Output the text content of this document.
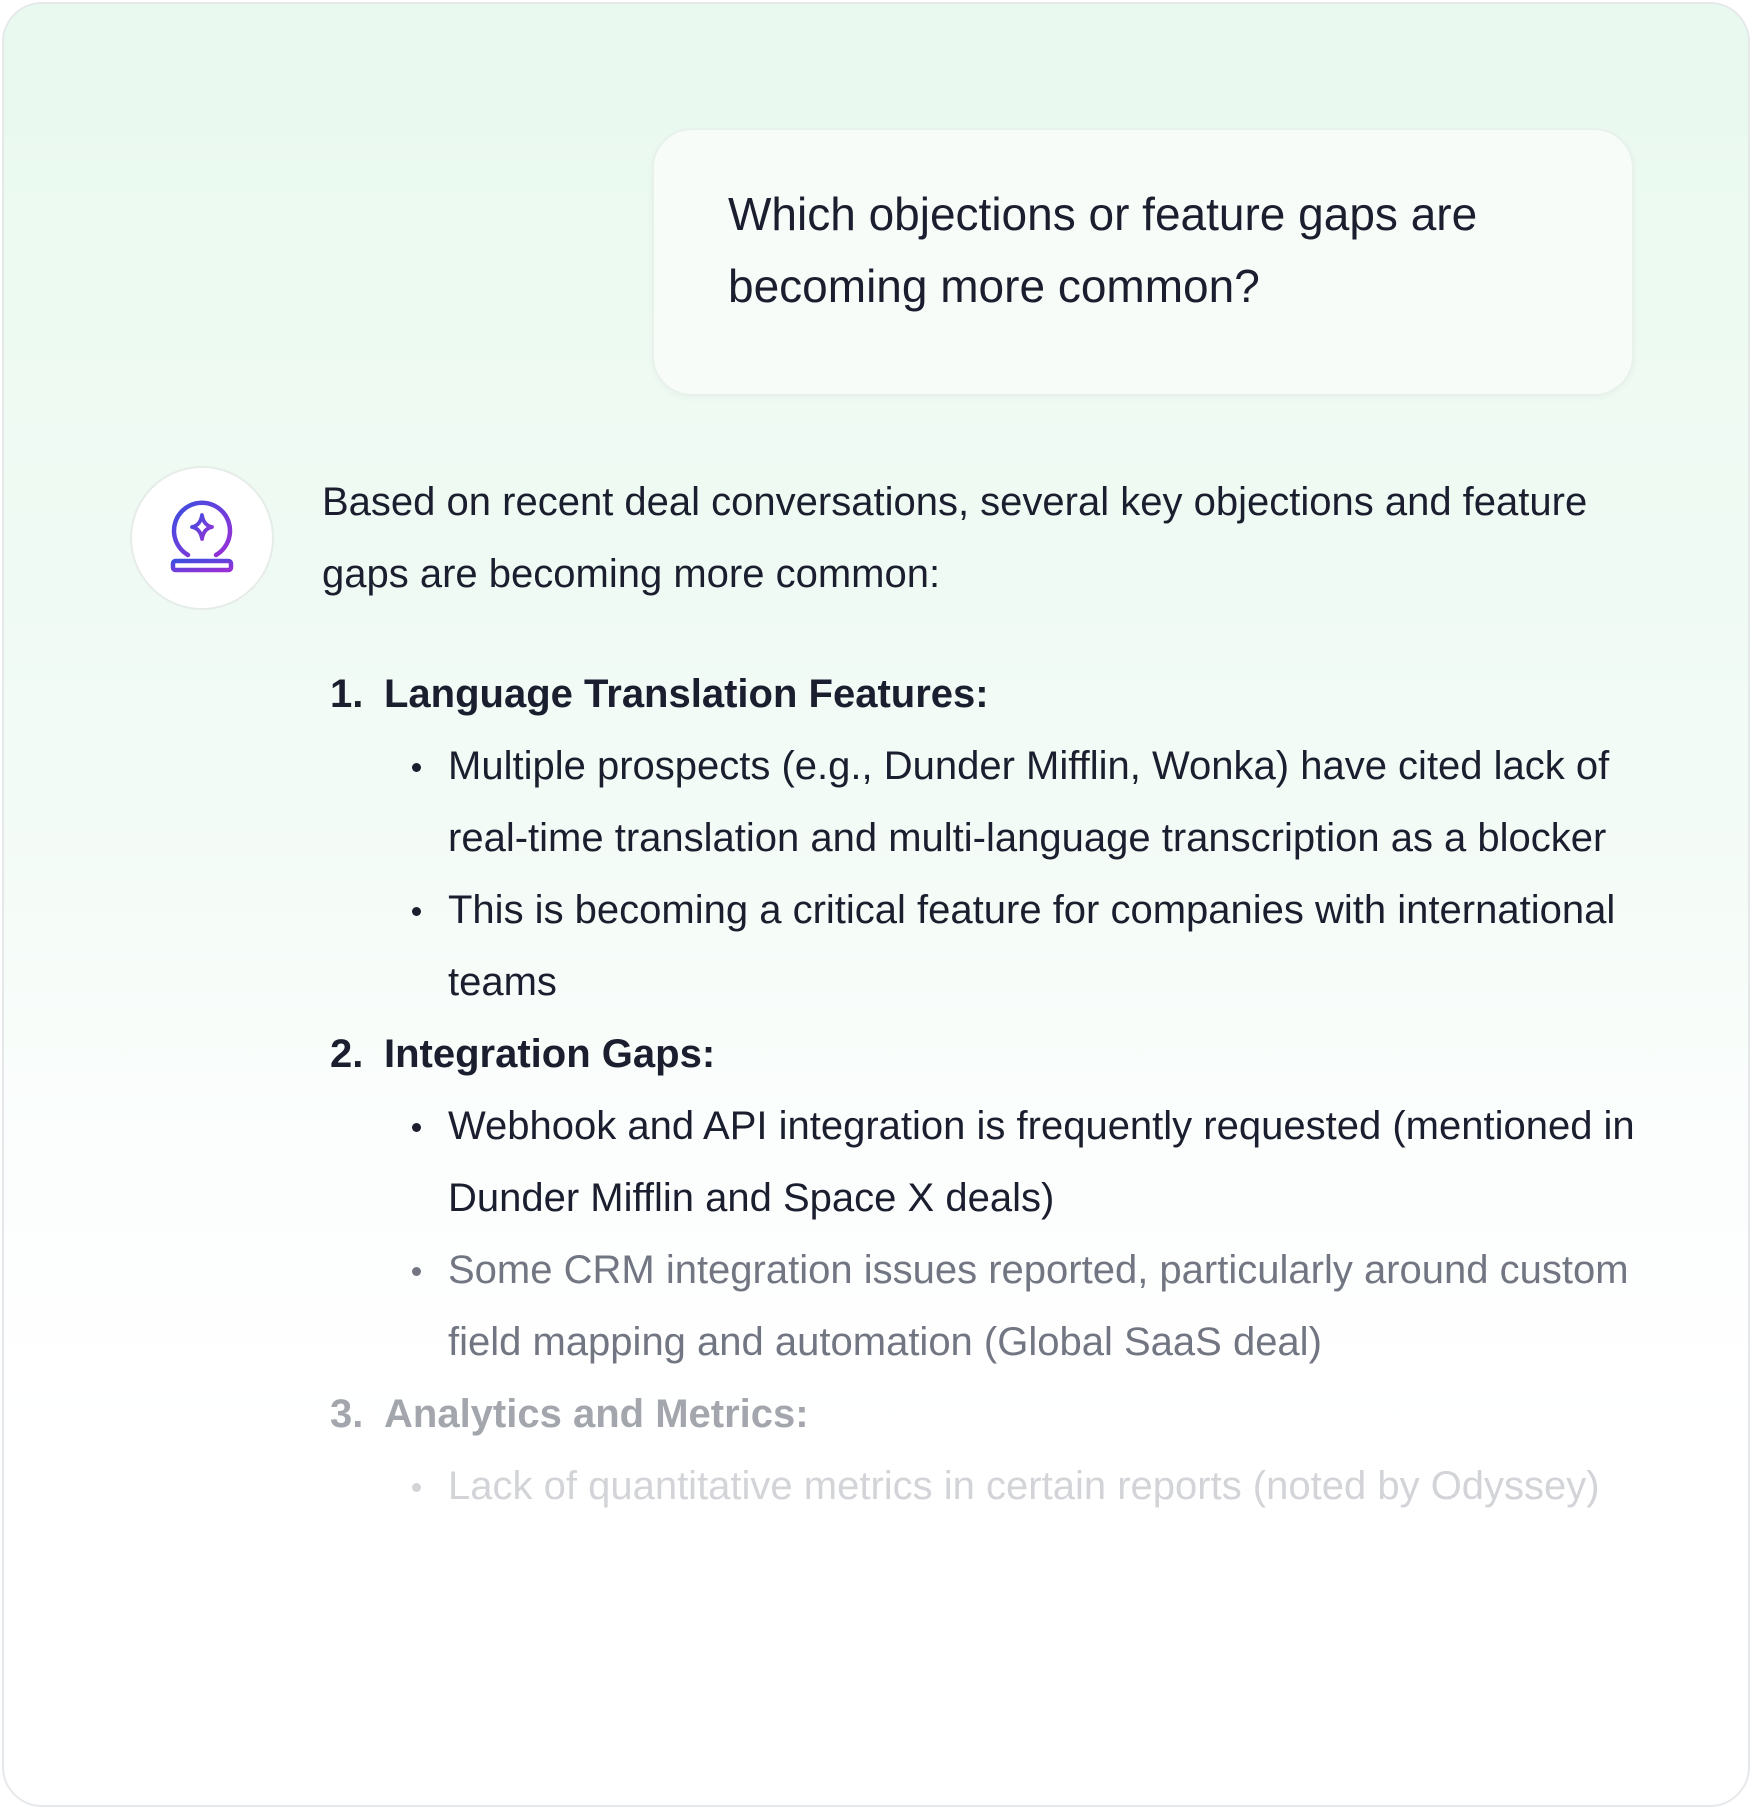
Which objections or feature gaps are becoming more common?

Based on recent deal conversations, several key objections and feature gaps are becoming more common:

1. Language Translation Features:
Multiple prospects (e.g., Dunder Mifflin, Wonka) have cited lack of real-time translation and multi-language transcription as a blocker
This is becoming a critical feature for companies with international teams
2. Integration Gaps:
Webhook and API integration is frequently requested (mentioned in Dunder Mifflin and Space X deals)
Some CRM integration issues reported, particularly around custom field mapping and automation (Global SaaS deal)
3. Analytics and Metrics:
Lack of quantitative metrics in certain reports (noted by Odyssey)
